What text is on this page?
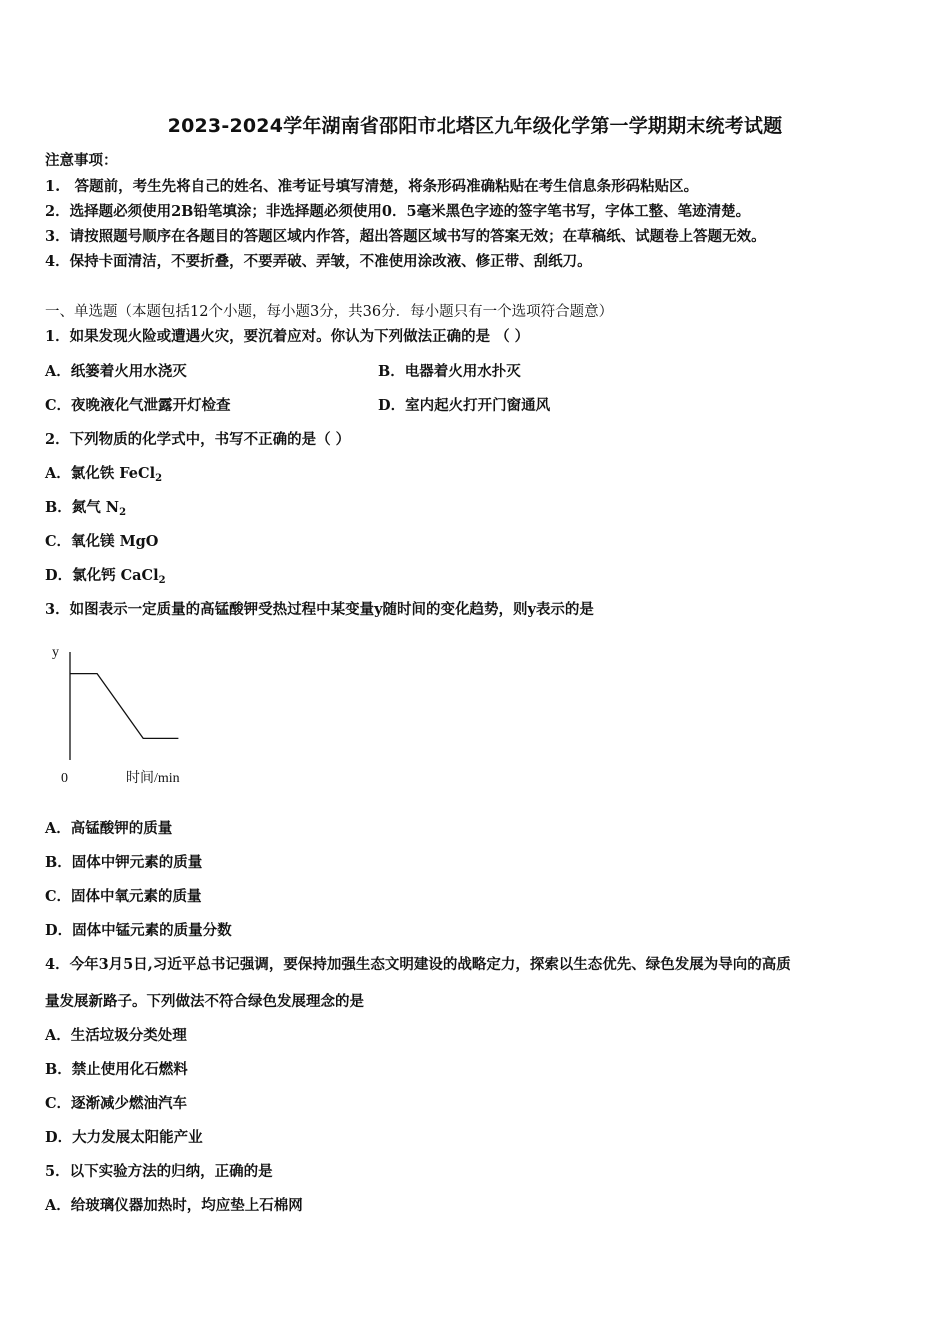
2023-2024学年湖南省邵阳市北塔区九年级化学第一学期期末统考试题
注意事项：
1.　答题前，考生先将自己的姓名、准考证号填写清楚，将条形码准确粘贴在考生信息条形码粘贴区。
2．选择题必须使用2B铅笔填涂；非选择题必须使用0．5毫米黑色字迹的签字笔书写，字体工整、笔迹清楚。
3．请按照题号顺序在各题目的答题区域内作答，超出答题区域书写的答案无效；在草稿纸、试题卷上答题无效。
4．保持卡面清洁，不要折叠，不要弄破、弄皱，不准使用涂改液、修正带、刮纸刀。
一、单选题（本题包括12个小题，每小题3分，共36分．每小题只有一个选项符合题意）
1．如果发现火险或遭遇火灾，要沉着应对。你认为下列做法正确的是 （ ）
A．纸篓着火用水浇灭	B．电器着火用水扑灭
C．夜晚液化气泄露开灯检查	D．室内起火打开门窗通风
2．下列物质的化学式中，书写不正确的是（ ）
A．氯化铁 FeCl$_2$
B．氮气 $N_2$
C．氧化镁 MgO
D．氯化钙 CaCl$_2$
3．如图表示一定质量的高锰酸钾受热过程中某变量y随时间的变化趋势，则y表示的是
y
0	时间/min
A．高锰酸钾的质量
B．固体中钾元素的质量
C．固体中氧元素的质量
D．固体中锰元素的质量分数
4．今年3月5日,习近平总书记强调，要保持加强生态文明建设的战略定力，探索以生态优先、绿色发展为导向的高质
量发展新路子。下列做法不符合绿色发展理念的是
A．生活垃圾分类处理
B．禁止使用化石燃料
C．逐渐减少燃油汽车
D．大力发展太阳能产业
5．以下实验方法的归纳，正确的是
A．给玻璃仪器加热时，均应垫上石棉网
